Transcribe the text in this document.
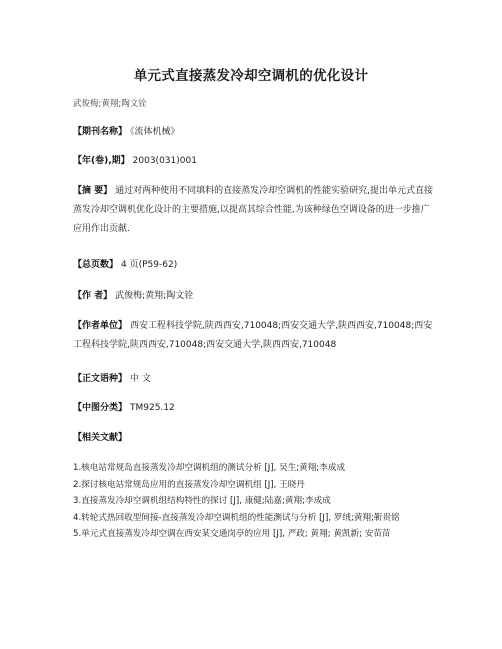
单元式直接蒸发冷却空调机的优化设计
武俊梅;黄翔;陶文铨
【期刊名称】 《流体机械》
【年(卷),期】 2003(031)001
【摘 要】 通过对两种使用不同填料的直接蒸发冷却空调机的性能实验研究,提出单元式直接蒸发冷却空调机优化设计的主要措施,以提高其综合性能,为该种绿色空调设备的进一步推广应用作出贡献.
【总页数】 4 页(P59-62)
【作 者】 武俊梅;黄翔;陶文铨
【作者单位】 西安工程科技学院,陕西西安,710048;西安交通大学,陕西西安,710048;西安工程科技学院,陕西西安,710048;西安交通大学,陕西西安,710048
【正文语种】 中 文
【中图分类】 TM925.12
【相关文献】
1.核电站常规岛直接蒸发冷却空调机组的测试分析 [J], 吴生;黄翔;李成成
2.探讨核电站常规岛应用的直接蒸发冷却空调机组 [J], 王晓丹
3.直接蒸发冷却空调机组结构特性的探讨 [J], 康健;陆嘉;黄翔;李成成
4.转轮式热回收型间接-直接蒸发冷却空调机组的性能测试与分析 [J], 罗绒;黄翔;靳贵铭
5.单元式直接蒸发冷却空调在西安某交通岗亭的应用 [J], 严政; 黄翔; 黄凯新; 安苗苗
